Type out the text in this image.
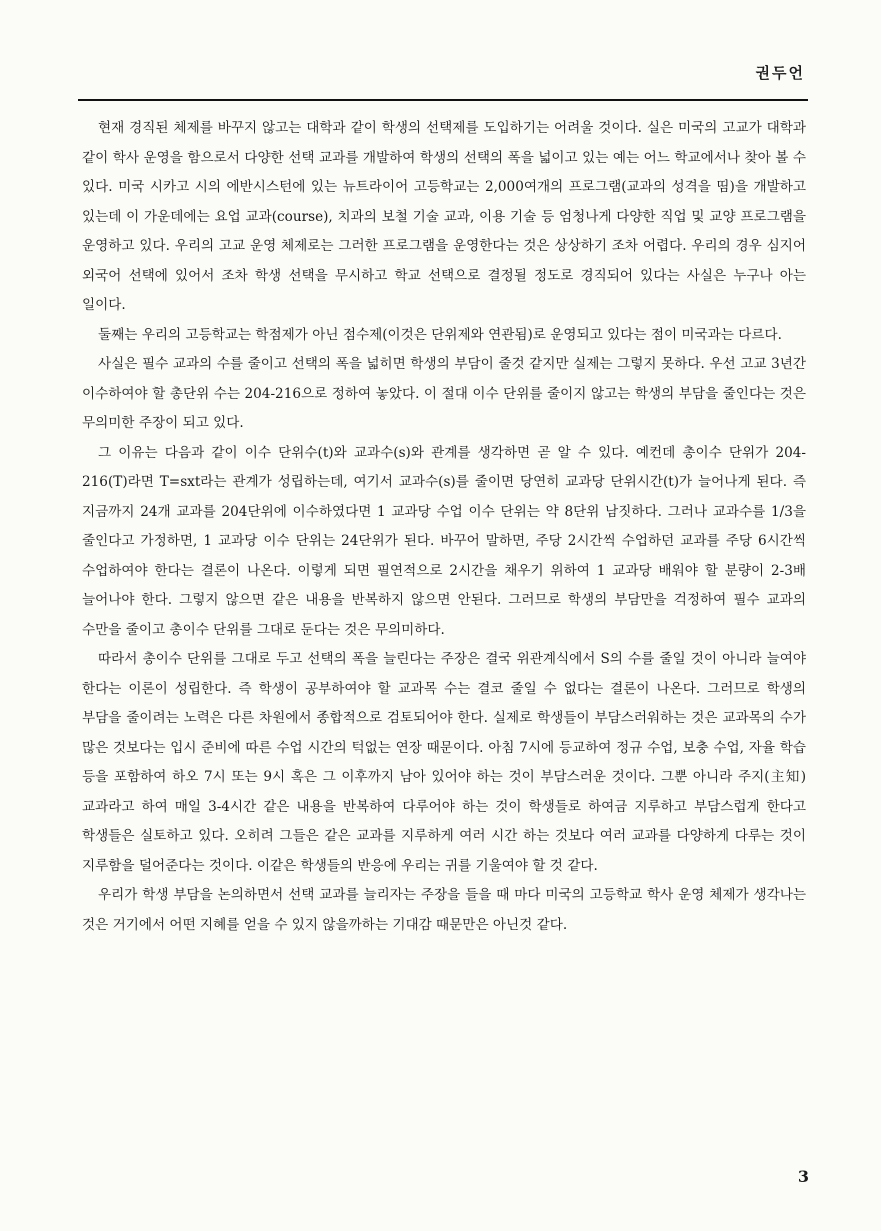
권두언

현재 경직된 체제를 바꾸지 않고는 대학과 같이 학생의 선택제를 도입하기는 어려울 것이다. 실은 미국의 고교가 대학과 같이 학사 운영을 함으로서 다양한 선택 교과를 개발하여 학생의 선택의 폭을 넓이고 있는 예는 어느 학교에서나 찾아 볼 수 있다. 미국 시카고 시의 에반시스턴에 있는 뉴트라이어 고등학교는 2,000여개의 프로그램(교과의 성격을 띰)을 개발하고 있는데 이 가운데에는 요업 교과(course), 치과의 보철 기술 교과, 이용 기술 등 엄청나게 다양한 직업 및 교양 프로그램을 운영하고 있다. 우리의 고교 운영 체제로는 그러한 프로그램을 운영한다는 것은 상상하기 조차 어렵다. 우리의 경우 심지어 외국어 선택에 있어서 조차 학생 선택을 무시하고 학교 선택으로 결정될 정도로 경직되어 있다는 사실은 누구나 아는 일이다.

둘째는 우리의 고등학교는 학점제가 아닌 점수제(이것은 단위제와 연관됨)로 운영되고 있다는 점이 미국과는 다르다.

사실은 필수 교과의 수를 줄이고 선택의 폭을 넓히면 학생의 부담이 줄것 같지만 실제는 그렇지 못하다. 우선 고교 3년간 이수하여야 할 총단위 수는 204-216으로 정하여 놓았다. 이 절대 이수 단위를 줄이지 않고는 학생의 부담을 줄인다는 것은 무의미한 주장이 되고 있다.

그 이유는 다음과 같이 이수 단위수(t)와 교과수(s)와 관계를 생각하면 곧 알 수 있다. 예컨데 총이수 단위가 204-216(T)라면 T=sxt라는 관계가 성립하는데, 여기서 교과수(s)를 줄이면 당연히 교과당 단위시간(t)가 늘어나게 된다. 즉 지금까지 24개 교과를 204단위에 이수하였다면 1 교과당 수업 이수 단위는 약 8단위 남짓하다. 그러나 교과수를 1/3을 줄인다고 가정하면, 1 교과당 이수 단위는 24단위가 된다. 바꾸어 말하면, 주당 2시간씩 수업하던 교과를 주당 6시간씩 수업하여야 한다는 결론이 나온다. 이렇게 되면 필연적으로 2시간을 채우기 위하여 1 교과당 배워야 할 분량이 2-3배 늘어나야 한다. 그렇지 않으면 같은 내용을 반복하지 않으면 안된다. 그러므로 학생의 부담만을 걱정하여 필수 교과의 수만을 줄이고 총이수 단위를 그대로 둔다는 것은 무의미하다.

따라서 총이수 단위를 그대로 두고 선택의 폭을 늘린다는 주장은 결국 위관계식에서 S의 수를 줄일 것이 아니라 늘여야 한다는 이론이 성립한다. 즉 학생이 공부하여야 할 교과목 수는 결코 줄일 수 없다는 결론이 나온다. 그러므로 학생의 부담을 줄이려는 노력은 다른 차원에서 종합적으로 검토되어야 한다. 실제로 학생들이 부담스러워하는 것은 교과목의 수가 많은 것보다는 입시 준비에 따른 수업 시간의 턱없는 연장 때문이다. 아침 7시에 등교하여 정규 수업, 보충 수업, 자율 학습 등을 포함하여 하오 7시 또는 9시 혹은 그 이후까지 남아 있어야 하는 것이 부담스러운 것이다. 그뿐 아니라 주지(主知)교과라고 하여 매일 3-4시간 같은 내용을 반복하여 다루어야 하는 것이 학생들로 하여금 지루하고 부담스럽게 한다고 학생들은 실토하고 있다. 오히려 그들은 같은 교과를 지루하게 여러 시간 하는 것보다 여러 교과를 다양하게 다루는 것이 지루함을 덜어준다는 것이다. 이같은 학생들의 반응에 우리는 귀를 기울여야 할 것 같다.

우리가 학생 부담을 논의하면서 선택 교과를 늘리자는 주장을 들을 때 마다 미국의 고등학교 학사 운영 체제가 생각나는 것은 거기에서 어떤 지혜를 얻을 수 있지 않을까하는 기대감 때문만은 아닌것 같다.

3
